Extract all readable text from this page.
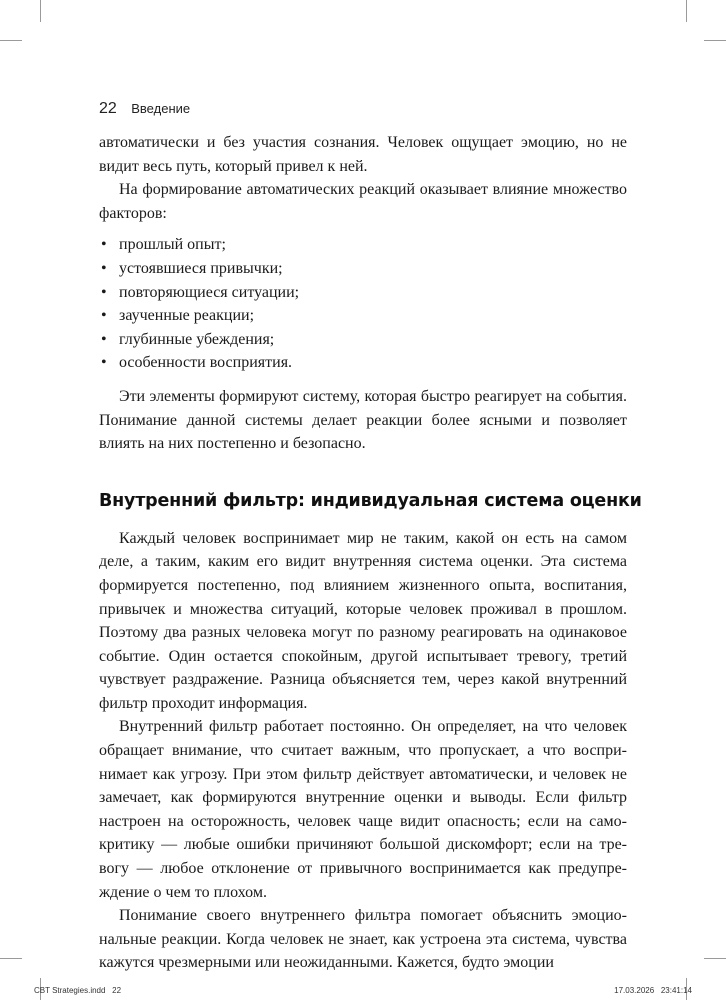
22 Введение

автоматически и без участия сознания. Человек ощущает эмоцию, но не видит весь путь, который привел к ней.

На формирование автоматических реакций оказывает влияние множество факторов:

• прошлый опыт;
• устоявшиеся привычки;
• повторяющиеся ситуации;
• заученные реакции;
• глубинные убеждения;
• особенности восприятия.

Эти элементы формируют систему, которая быстро реагирует на события. Понимание данной системы делает реакции более ясными и позволяет влиять на них постепенно и безопасно.

Внутренний фильтр: индивидуальная система оценки

Каждый человек воспринимает мир не таким, какой он есть на самом деле, а таким, каким его видит внутренняя система оценки. Эта система формируется постепенно, под влиянием жизненного опыта, воспитания, привычек и множества ситуаций, которые человек проживал в прошлом. Поэтому два разных человека могут по разному реагировать на одинаковое событие. Один остается спокойным, другой испытывает тревогу, третий чувствует раздражение. Разница объясняется тем, через какой внутренний фильтр проходит информация.

Внутренний фильтр работает постоянно. Он определяет, на что человек обращает внимание, что считает важным, что пропускает, а что воспринимает как угрозу. При этом фильтр действует автоматически, и человек не замечает, как формируются внутренние оценки и выводы. Если фильтр настроен на осторожность, человек чаще видит опасность; если на самокритику — любые ошибки причиняют большой дискомфорт; если на тревогу — любое отклонение от привычного воспринимается как предупреждение о чем то плохом.

Понимание своего внутреннего фильтра помогает объяснить эмоциональные реакции. Когда человек не знает, как устроена эта система, чувства кажутся чрезмерными или неожиданными. Кажется, будто эмоции

CBT Strategies.indd   22	17.03.2026   23:41:14
